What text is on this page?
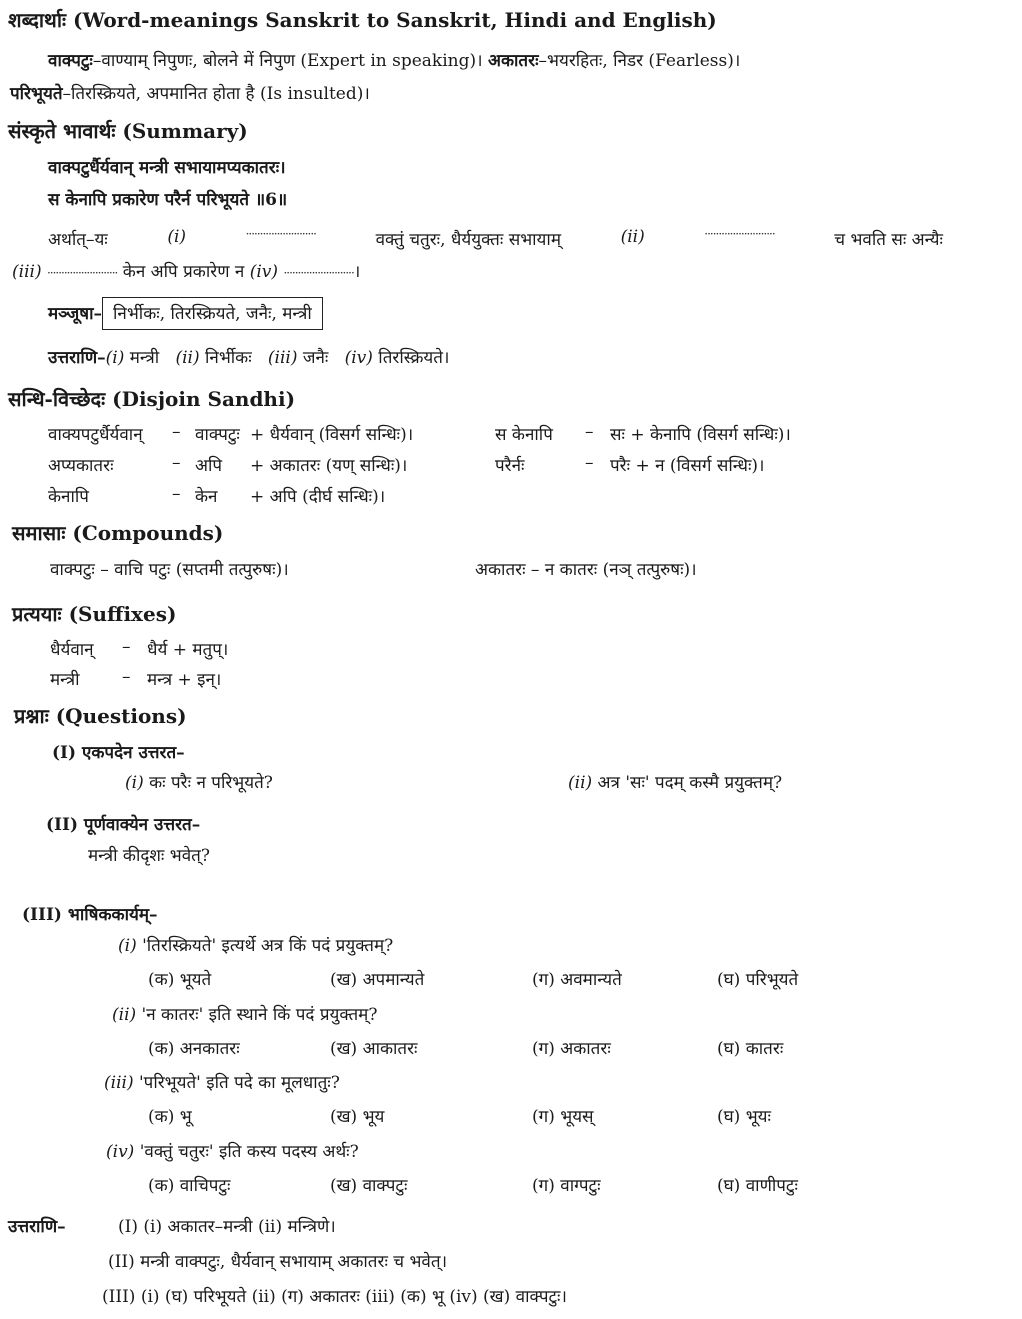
शब्दार्थाः (Word-meanings Sanskrit to Sanskrit, Hindi and English)
वाक्पटुः–वाण्याम् निपुणः, बोलने में निपुण (Expert in speaking)। अकातरः–भयरहितः, निडर (Fearless)।
परिभूयते–तिरस्क्रियते, अपमानित होता है (Is insulted)।
संस्कृते भावार्थः (Summary)
वाक्पटुर्धैर्यवान् मन्त्री सभायामप्यकातरः।
स केनापि प्रकारेण परैर्न परिभूयते ॥6॥
अर्थात्–यः	(i)	·························	वक्तुं चतुरः, धैर्ययुक्तः सभायाम्	(ii)	·························	च भवति सः अन्यैः
(iii) ························· केन अपि प्रकारेण न (iv) ·························।
मञ्जूषा– निर्भीकः, तिरस्क्रियते, जनैः, मन्त्री
उत्तराणि–(i) मन्त्री (ii) निर्भीकः (iii) जनैः (iv) तिरस्क्रियते।
सन्धि-विच्छेदः (Disjoin Sandhi)
वाक्यपटुर्धैर्यवान् – वाक्पटुः + धैर्यवान् (विसर्ग सन्धिः)।
अप्यकातरः	– अपि + अकातरः (यण् सन्धिः)।
केनापि	– केन + अपि (दीर्घ सन्धिः)।
स केनापि – सः + केनापि (विसर्ग सन्धिः)।
परैर्नः	– परैः + न (विसर्ग सन्धिः)।
समासाः (Compounds)
वाक्पटुः – वाचि पटुः (सप्तमी तत्पुरुषः)।	अकातरः – न कातरः (नञ् तत्पुरुषः)।
प्रत्ययाः (Suffixes)
धैर्यवान् – धैर्य + मतुप्।
मन्त्री	– मन्त्र + इन्।
प्रश्नाः (Questions)
(I) एकपदेन उत्तरत–
(i) कः परैः न परिभूयते?	(ii) अत्र 'सः' पदम् कस्मै प्रयुक्तम्?
(II) पूर्णवाक्येन उत्तरत–
मन्त्री कीदृशः भवेत्?
(III) भाषिककार्यम्–
(i) 'तिरस्क्रियते' इत्यर्थे अत्र किं पदं प्रयुक्तम्?
(क) भूयते	(ख) अपमान्यते	(ग) अवमान्यते	(घ) परिभूयते
(ii) 'न कातरः' इति स्थाने किं पदं प्रयुक्तम्?
(क) अनकातरः	(ख) आकातरः	(ग) अकातरः	(घ) कातरः
(iii) 'परिभूयते' इति पदे का मूलधातुः?
(क) भू	(ख) भूय	(ग) भूयस्	(घ) भूयः
(iv) 'वक्तुं चतुरः' इति कस्य पदस्य अर्थः?
(क) वाचिपटुः	(ख) वाक्पटुः	(ग) वाग्पटुः	(घ) वाणीपटुः
उत्तराणि–	(I) (i) अकातर–मन्त्री (ii) मन्त्रिणे।
(II) मन्त्री वाक्पटुः, धैर्यवान् सभायाम् अकातरः च भवेत्।
(III) (i) (घ) परिभूयते (ii) (ग) अकातरः (iii) (क) भू (iv) (ख) वाक्पटुः।
